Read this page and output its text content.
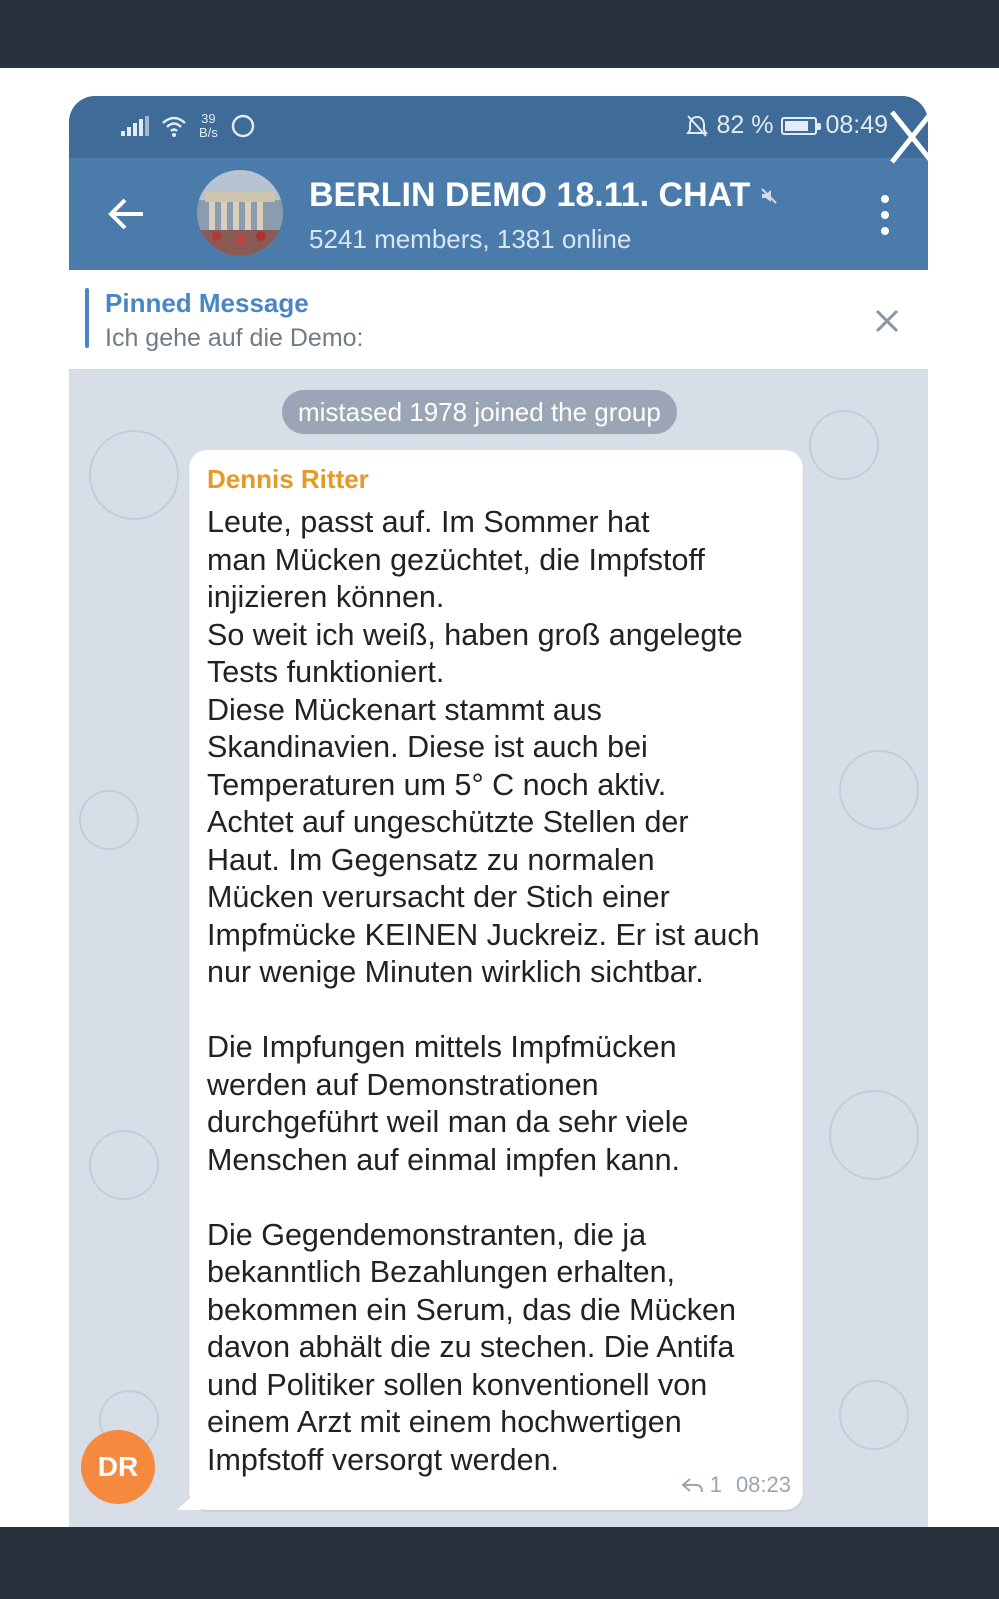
39
B/s	82 % 08:49
BERLIN DEMO 18.11. CHAT
5241 members, 1381 online
Pinned Message
Ich gehe auf die Demo:
mistased 1978 joined the group
Dennis Ritter
Leute, passt auf. Im Sommer hat
man Mücken gezüchtet, die Impfstoff
injizieren können.
So weit ich weiß, haben groß angelegte
Tests funktioniert.
Diese Mückenart stammt aus
Skandinavien. Diese ist auch bei
Temperaturen um 5° C noch aktiv.
Achtet auf ungeschützte Stellen der
Haut. Im Gegensatz zu normalen
Mücken verursacht der Stich einer
Impfmücke KEINEN Juckreiz. Er ist auch
nur wenige Minuten wirklich sichtbar.

Die Impfungen mittels Impfmücken
werden auf Demonstrationen
durchgeführt weil man da sehr viele
Menschen auf einmal impfen kann.

Die Gegendemonstranten, die ja
bekanntlich Bezahlungen erhalten,
bekommen ein Serum, das die Mücken
davon abhält die zu stechen. Die Antifa
und Politiker sollen konventionell von
einem Arzt mit einem hochwertigen
Impfstoff versorgt werden.
1 08:23
DR
